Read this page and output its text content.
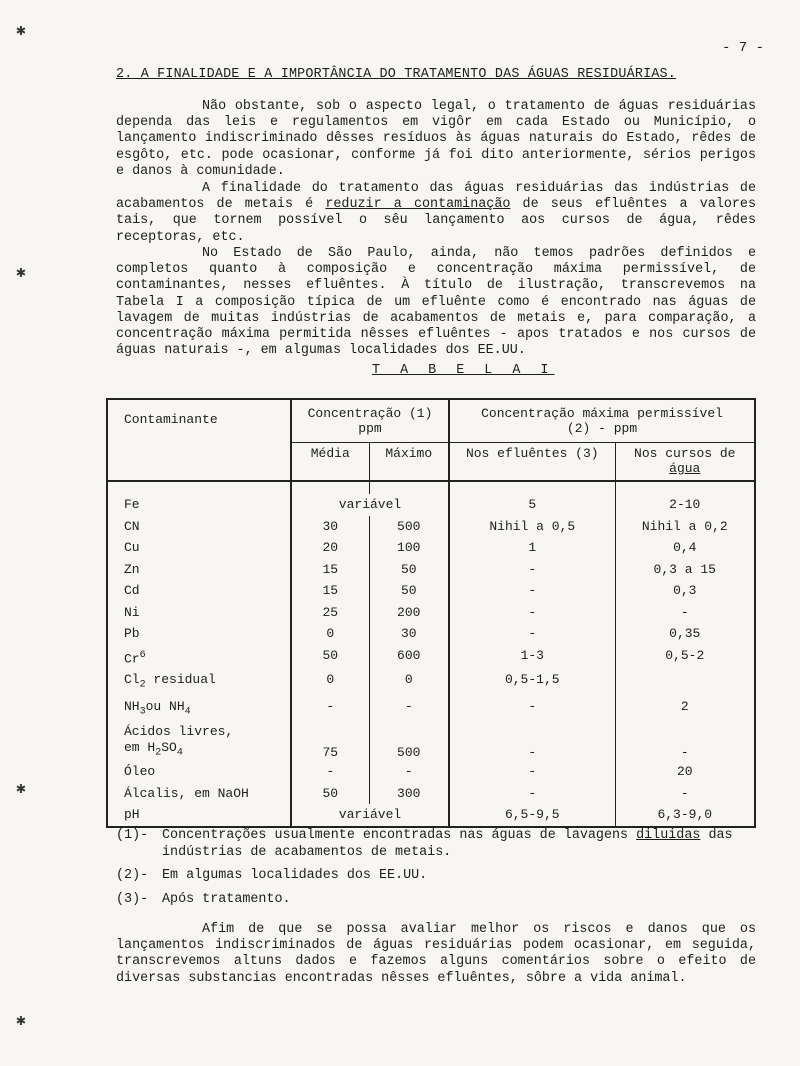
✱
✱
✱
✱
- 7 -
2. A FINALIDADE E A IMPORTÂNCIA DO TRATAMENTO DAS ÁGUAS RESIDUÁRIAS.

Não obstante, sob o aspecto legal, o tratamento de águas residuárias dependa das leis e regulamentos em vigôr em cada Estado ou Município, o lançamento indiscriminado dêsses resíduos às águas naturais do Estado, rêdes de esgôto, etc. pode ocasionar, conforme já foi dito anteriormente, sérios perigos e danos à comunidade.

A finalidade do tratamento das águas residuárias das indústrias de acabamentos de metais é reduzir a contaminação de seus efluêntes a valores tais, que tornem possível o sêu lançamento aos cursos de água, rêdes receptoras, etc.

No Estado de São Paulo, ainda, não temos padrões definidos e completos quanto à composição e concentração máxima permissível, de contaminantes, nesses efluêntes. À título de ilustração, transcrevemos na Tabela I a composição típica de um efluênte como é encontrado nas águas de lavagem de muitas indústrias de acabamentos de metais e, para comparação, a concentração máxima permitida nêsses efluêntes - apos tratados e nos cursos de águas naturais -, em algumas localidades dos EE.UU.

T A B E L A I
Contaminante	Concentração (1)
ppm		Concentração máxima permissível
(2) - ppm	
	Média	Máximo	Nos efluêntes (3)	Nos cursos de
água

Fe	variável		5	2-10
CN	30	500	Nihil a 0,5	Nihil a 0,2
Cu	20	100	1	0,4
Zn	15	50	-	0,3 a 15
Cd	15	50	-	0,3
Ni	25	200	-	-
Pb	0	30	-	0,35
Cr$^6$	50	600	1-3	0,5-2
$Cl_2$ residual	0	0	0,5-1,5	
$NH_3ou$ $NH_4$	-	-	-	2
Ácidos livres,
em $H_2SO_4$	75	500	-	-
Óleo	-	-	-	20
Álcalis, em NaOH	50	300	-	-
pH	variável		6,5-9,5	6,3-9,0
(1)-	Concentrações usualmente encontradas nas águas de lavagens diluidas das indústrias de acabamentos de metais.
(2)-	Em algumas localidades dos EE.UU.
(3)-	Após tratamento.

Afim de que se possa avaliar melhor os riscos e danos que os lançamentos indiscriminados de águas residuárias podem ocasionar, em seguida, transcrevemos altuns dados e fazemos alguns comentários sobre o efeito de diversas substancias encontradas nêsses efluêntes, sôbre a vida animal.
